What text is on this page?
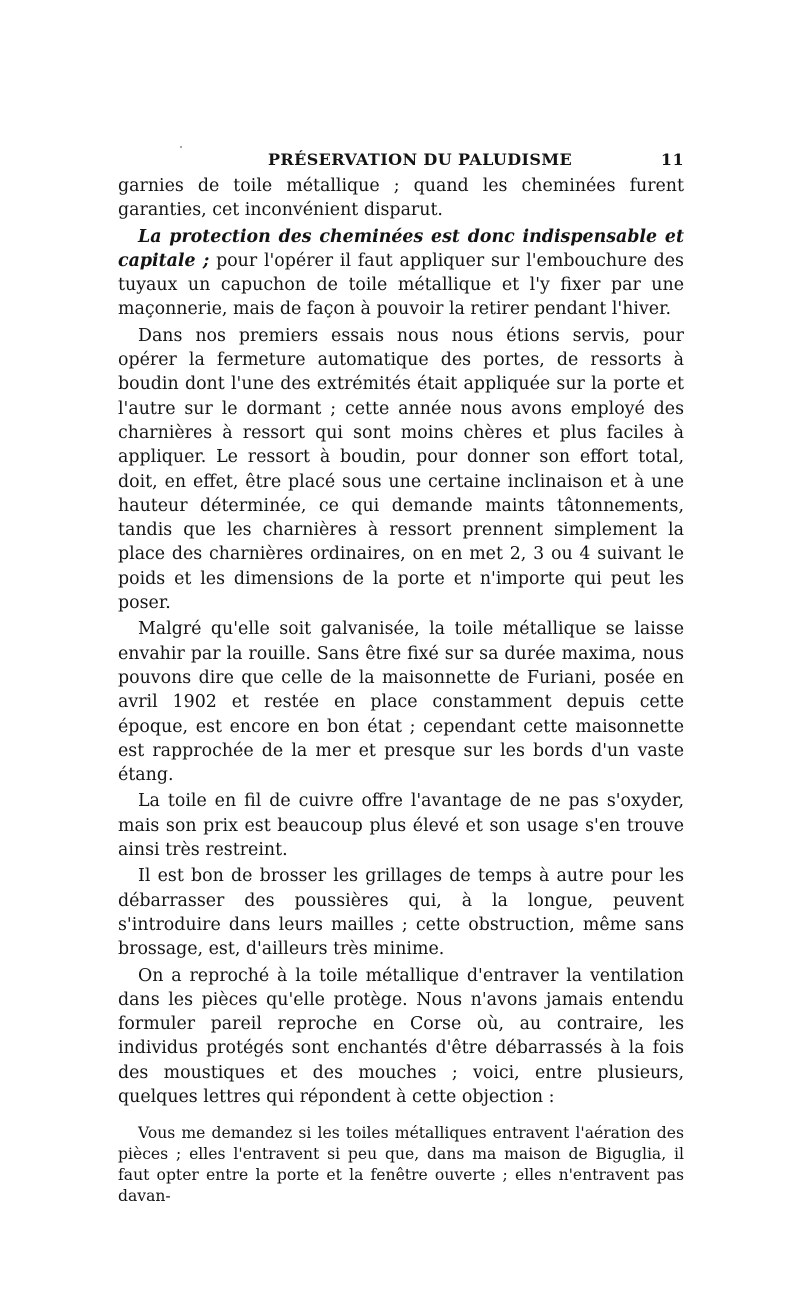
PRÉSERVATION DU PALUDISME	11

garnies de toile métallique ; quand les cheminées furent garanties, cet inconvénient disparut.

La protection des cheminées est donc indispensable et capitale ; pour l'opérer il faut appliquer sur l'embouchure des tuyaux un capuchon de toile métallique et l'y fixer par une maçonnerie, mais de façon à pouvoir la retirer pendant l'hiver.

Dans nos premiers essais nous nous étions servis, pour opérer la fermeture automatique des portes, de ressorts à boudin dont l'une des extrémités était appliquée sur la porte et l'autre sur le dormant ; cette année nous avons employé des charnières à ressort qui sont moins chères et plus faciles à appliquer. Le ressort à boudin, pour donner son effort total, doit, en effet, être placé sous une certaine inclinaison et à une hauteur déterminée, ce qui demande maints tâtonnements, tandis que les charnières à ressort prennent simplement la place des charnières ordinaires, on en met 2, 3 ou 4 suivant le poids et les dimensions de la porte et n'importe qui peut les poser.

Malgré qu'elle soit galvanisée, la toile métallique se laisse envahir par la rouille. Sans être fixé sur sa durée maxima, nous pouvons dire que celle de la maisonnette de Furiani, posée en avril 1902 et restée en place constamment depuis cette époque, est encore en bon état ; cependant cette maisonnette est rapprochée de la mer et presque sur les bords d'un vaste étang.

La toile en fil de cuivre offre l'avantage de ne pas s'oxyder, mais son prix est beaucoup plus élevé et son usage s'en trouve ainsi très restreint.

Il est bon de brosser les grillages de temps à autre pour les débarrasser des poussières qui, à la longue, peuvent s'introduire dans leurs mailles ; cette obstruction, même sans brossage, est, d'ailleurs très minime.

On a reproché à la toile métallique d'entraver la ventilation dans les pièces qu'elle protège. Nous n'avons jamais entendu formuler pareil reproche en Corse où, au contraire, les individus protégés sont enchantés d'être débarrassés à la fois des moustiques et des mouches ; voici, entre plusieurs, quelques lettres qui répondent à cette objection :

Vous me demandez si les toiles métalliques entravent l'aération des pièces ; elles l'entravent si peu que, dans ma maison de Biguglia, il faut opter entre la porte et la fenêtre ouverte ; elles n'entravent pas davan-
